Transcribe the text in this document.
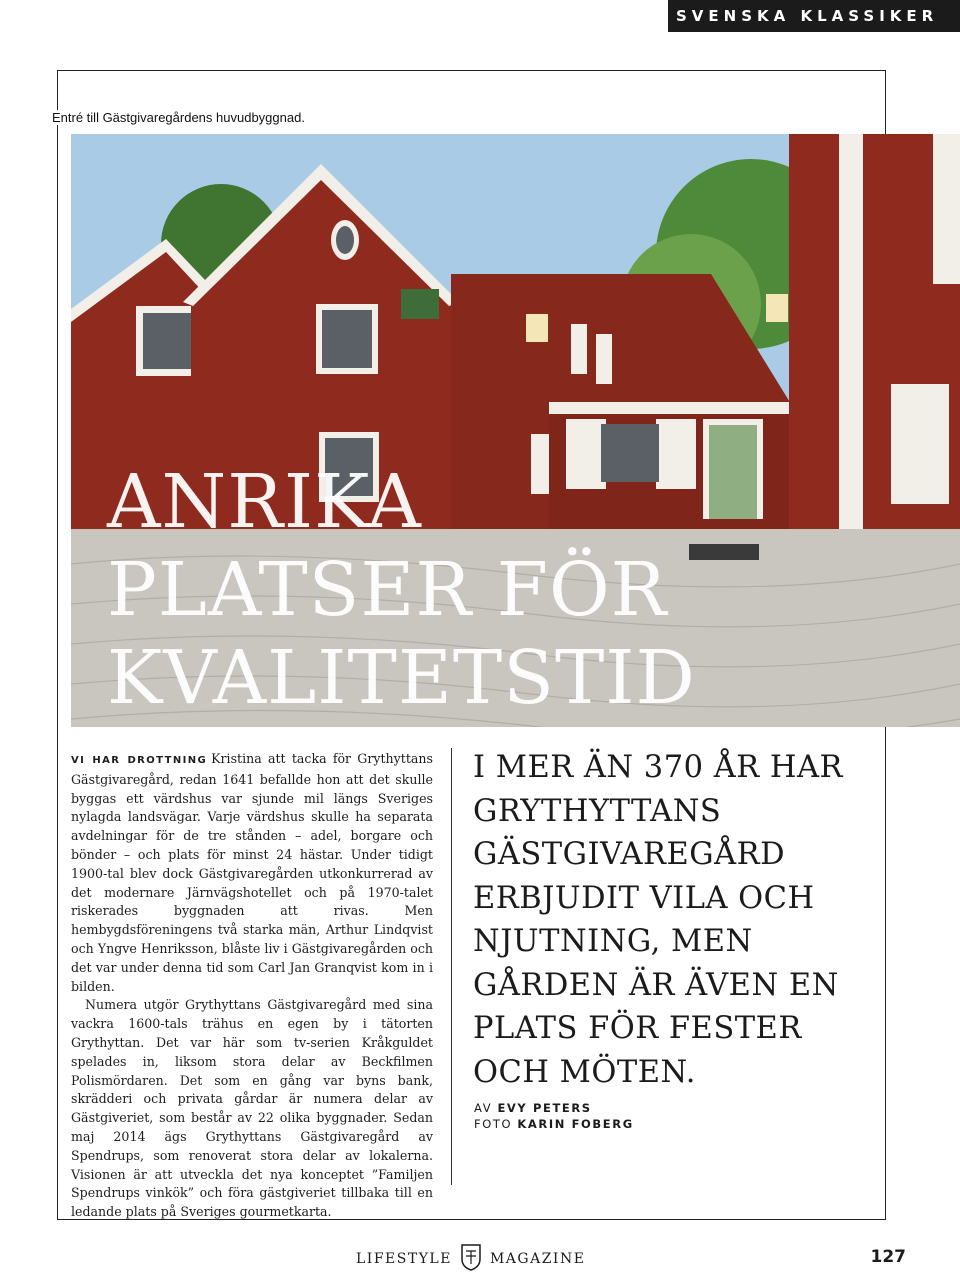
SVENSKA KLASSIKER
Entré till Gästgivaregårdens huvudbyggnad.
ANRIKA
PLATSER FÖR
KVALITETSTID

VI HAR DROTTNING Kristina att tacka för Grythyttans Gästgivaregård, redan 1641 befallde hon att det skulle byggas ett värdshus var sjunde mil längs Sveriges nylagda landsvägar. Varje värdshus skulle ha separata avdelningar för de tre stånden – adel, borgare och bönder – och plats för minst 24 hästar. Under tidigt 1900-tal blev dock Gästgivaregården utkonkurrerad av det modernare Järnvägshotellet och på 1970-talet riskerades byggnaden att rivas. Men hembygdsföreningens två starka män, Arthur Lindqvist och Yngve Henriksson, blåste liv i Gästgivaregården och det var under denna tid som Carl Jan Granqvist kom in i bilden.

Numera utgör Grythyttans Gästgivaregård med sina vackra 1600-tals trähus en egen by i tätorten Grythyttan. Det var här som tv-serien Kråkguldet spelades in, liksom stora delar av Beckfilmen Polismördaren. Det som en gång var byns bank, skrädderi och privata gårdar är numera delar av Gästgiveriet, som består av 22 olika byggnader. Sedan maj 2014 ägs Grythyttans Gästgivaregård av Spendrups, som renoverat stora delar av lokalerna. Visionen är att utveckla det nya konceptet ”Familjen Spendrups vinkök” och föra gästgiveriet tillbaka till en ledande plats på Sveriges gourmetkarta.

I MER ÄN 370 ÅR HAR GRYTHYTTANS GÄSTGIVAREGÅRD ERBJUDIT VILA OCH NJUTNING, MEN GÅRDEN ÄR ÄVEN EN PLATS FÖR FESTER OCH MÖTEN.
AV EVY PETERS
FOTO KARIN FOBERG
LIFESTYLE	MAGAZINE	127
